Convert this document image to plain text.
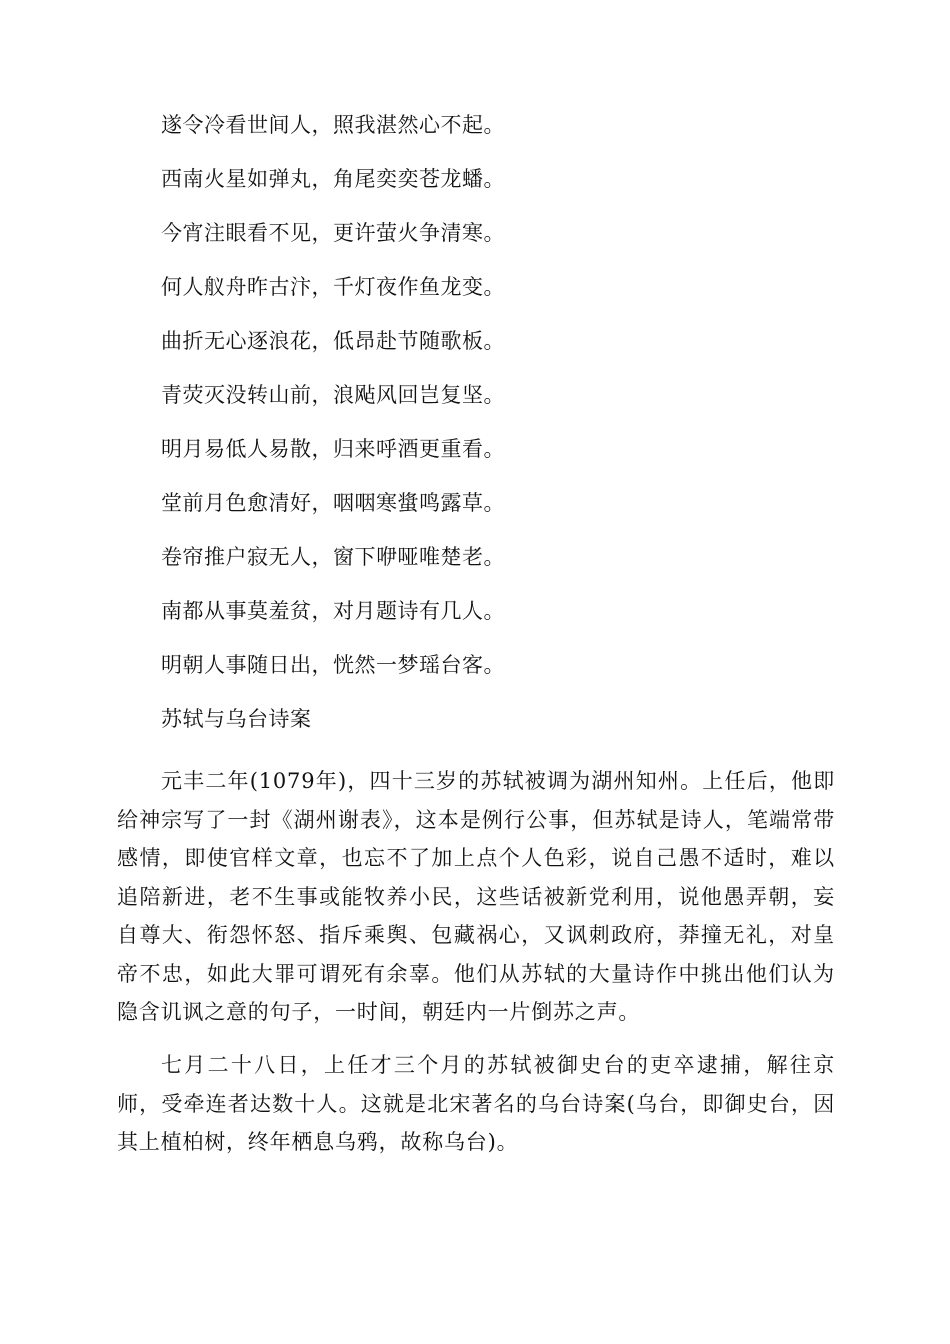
遂令冷看世间人，照我湛然心不起。
西南火星如弹丸，角尾奕奕苍龙蟠。
今宵注眼看不见，更许萤火争清寒。
何人舣舟昨古汴，千灯夜作鱼龙变。
曲折无心逐浪花，低昂赴节随歌板。
青荧灭没转山前，浪飐风回岂复坚。
明月易低人易散，归来呼酒更重看。
堂前月色愈清好，咽咽寒螀鸣露草。
卷帘推户寂无人，窗下咿哑唯楚老。
南都从事莫羞贫，对月题诗有几人。
明朝人事随日出，恍然一梦瑶台客。
苏轼与乌台诗案

元丰二年(1079年)，四十三岁的苏轼被调为湖州知州。上任后，他即给神宗写了一封《湖州谢表》，这本是例行公事，但苏轼是诗人，笔端常带感情，即使官样文章，也忘不了加上点个人色彩，说自己愚不适时，难以追陪新进，老不生事或能牧养小民，这些话被新党利用，说他愚弄朝，妄自尊大、衔怨怀怒、指斥乘舆、包藏祸心，又讽刺政府，莽撞无礼，对皇帝不忠，如此大罪可谓死有余辜。他们从苏轼的大量诗作中挑出他们认为隐含讥讽之意的句子，一时间，朝廷内一片倒苏之声。

七月二十八日，上任才三个月的苏轼被御史台的吏卒逮捕，解往京师，受牵连者达数十人。这就是北宋著名的乌台诗案(乌台，即御史台，因其上植柏树，终年栖息乌鸦，故称乌台)。
